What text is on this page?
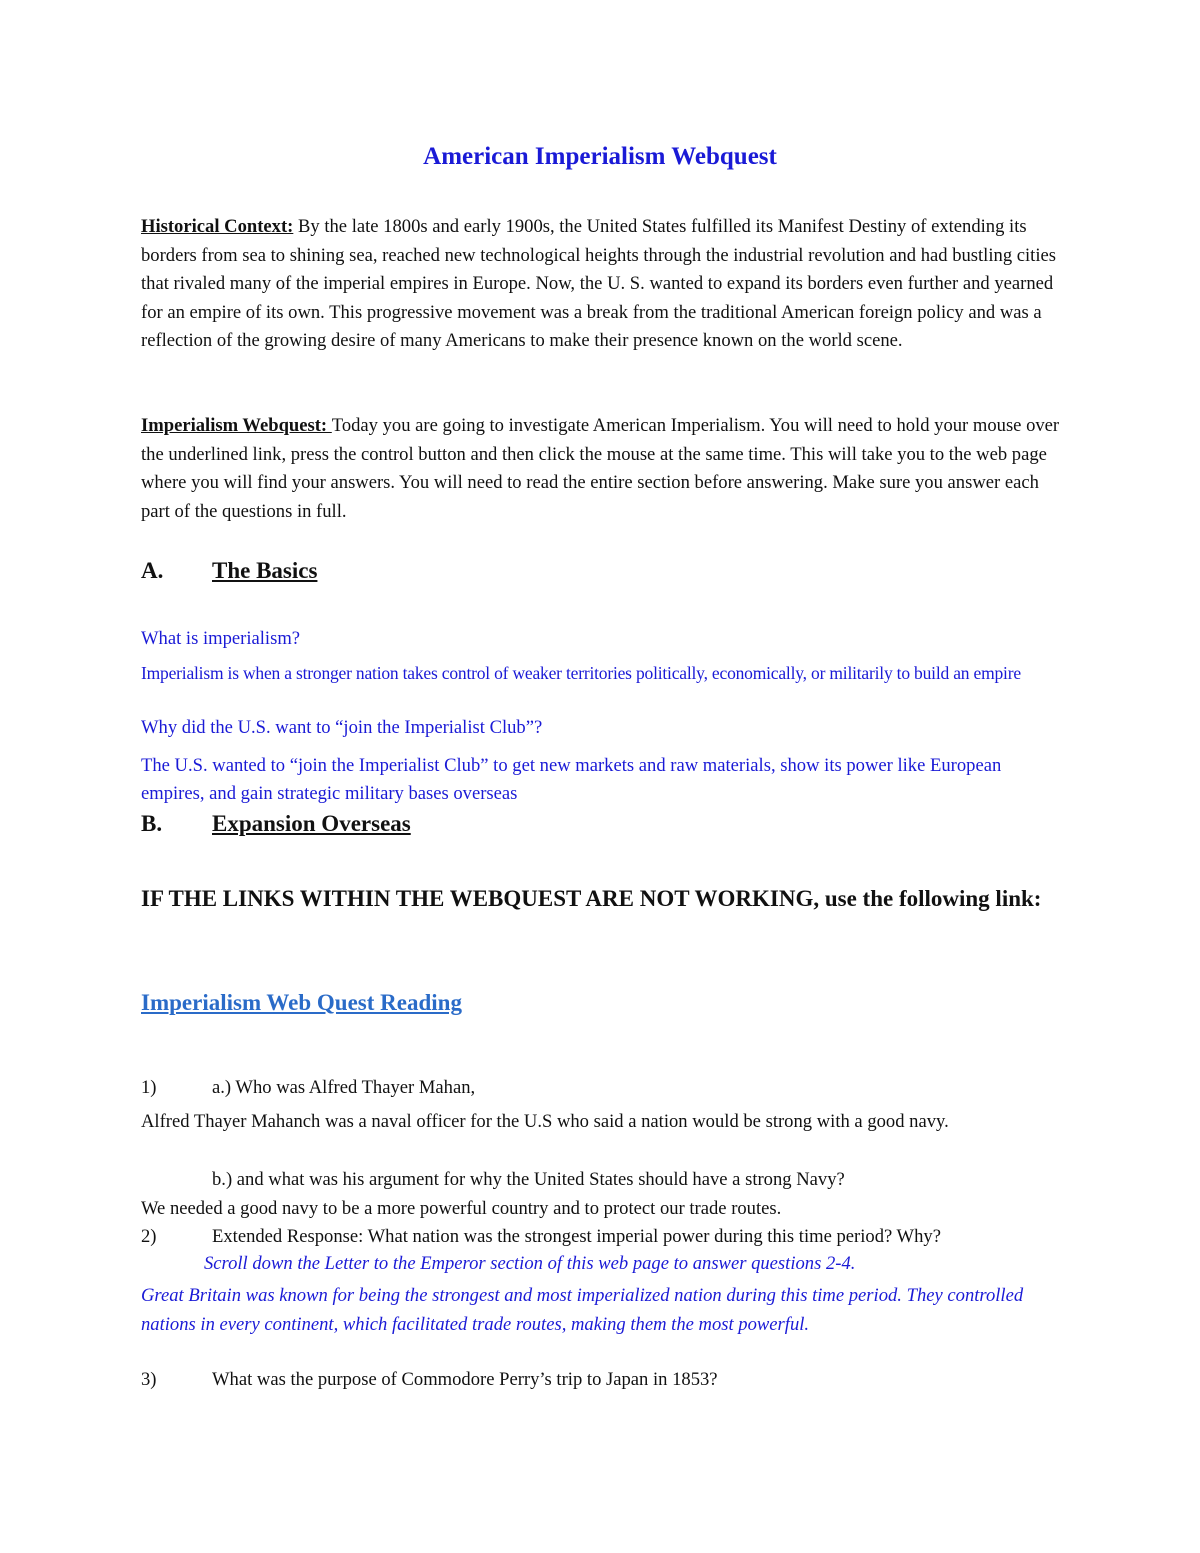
American Imperialism Webquest

Historical Context: By the late 1800s and early 1900s, the United States fulfilled its Manifest Destiny of extending its borders from sea to shining sea, reached new technological heights through the industrial revolution and had bustling cities that rivaled many of the imperial empires in Europe. Now, the U. S. wanted to expand its borders even further and yearned for an empire of its own. This progressive movement was a break from the traditional American foreign policy and was a reflection of the growing desire of many Americans to make their presence known on the world scene.

Imperialism Webquest: Today you are going to investigate American Imperialism. You will need to hold your mouse over the underlined link, press the control button and then click the mouse at the same time. This will take you to the web page where you will find your answers. You will need to read the entire section before answering. Make sure you answer each part of the questions in full.

A. The Basics

What is imperialism?

Imperialism is when a stronger nation takes control of weaker territories politically, economically, or militarily to build an empire

Why did the U.S. want to “join the Imperialist Club”?

The U.S. wanted to “join the Imperialist Club” to get new markets and raw materials, show its power like European empires, and gain strategic military bases overseas

B. Expansion Overseas

IF THE LINKS WITHIN THE WEBQUEST ARE NOT WORKING, use the following link:

Imperialism Web Quest Reading

1)	a.) Who was Alfred Thayer Mahan,

Alfred Thayer Mahanch was a naval officer for the U.S who said a nation would be strong with a good navy.

b.) and what was his argument for why the United States should have a strong Navy?

We needed a good navy to be a more powerful country and to protect our trade routes.

2)	Extended Response: What nation was the strongest imperial power during this time period? Why?

Scroll down the Letter to the Emperor section of this web page to answer questions 2-4.

Great Britain was known for being the strongest and most imperialized nation during this time period. They controlled nations in every continent, which facilitated trade routes, making them the most powerful.

3)	What was the purpose of Commodore Perry’s trip to Japan in 1853?
